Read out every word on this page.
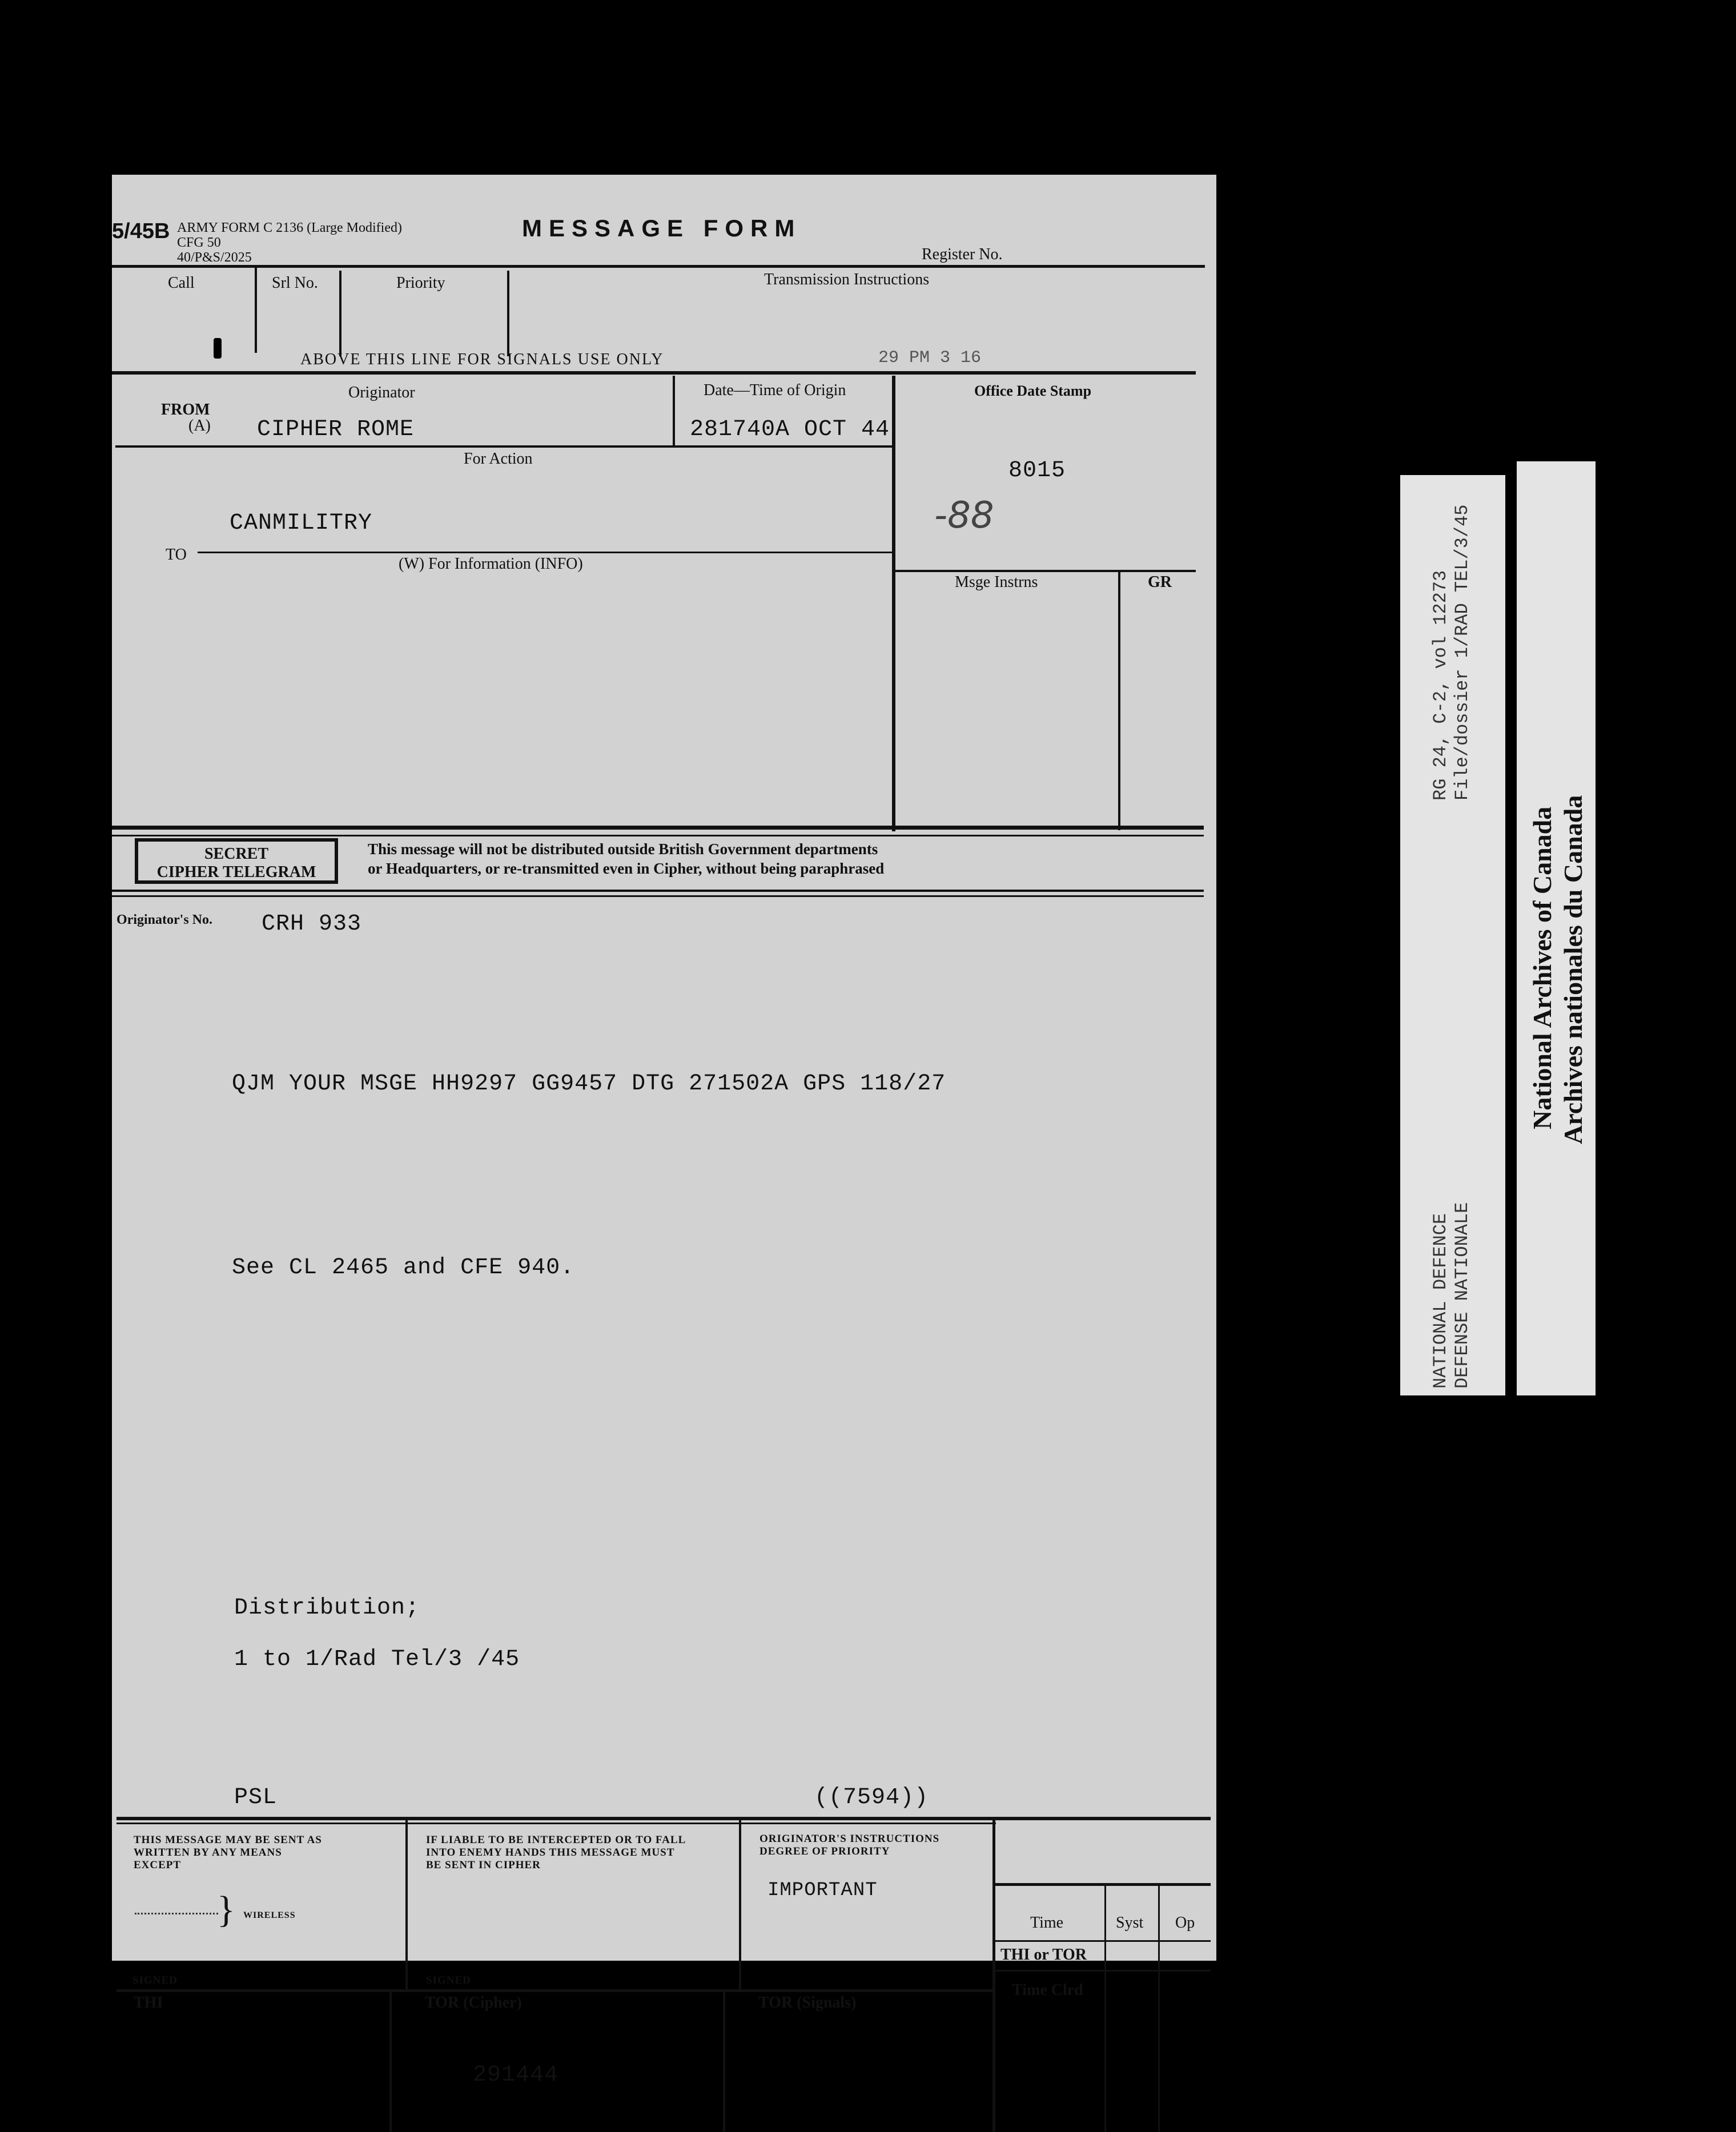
5/45B ARMY FORM C 2136 (Large Modified)
CFG 50
40/P&S/2025
MESSAGE FORM
Register No.
Call	Srl No.	Priority	Transmission Instructions
ABOVE THIS LINE FOR SIGNALS USE ONLY	29 PM 3 16
FROM
(A)
Originator
CIPHER ROME
Date—Time of Origin
281740A OCT 44
Office Date Stamp
8015
-88
For Action
CANMILITRY
TO
(W) For Information (INFO)
Msge Instrns	GR
SECRET
CIPHER TELEGRAM
This message will not be distributed outside British Government departments
or Headquarters, or re-transmitted even in Cipher, without being paraphrased
Originator's No. CRH 933
QJM YOUR MSGE HH9297 GG9457 DTG 271502A GPS 118/27
See CL 2465 and CFE 940.
Distribution;
1 to 1/Rad Tel/3 /45
PSL	((7594))
THIS MESSAGE MAY BE SENT AS
WRITTEN BY ANY MEANS
EXCEPT
} WIRELESS
SIGNED
IF LIABLE TO BE INTERCEPTED OR TO FALL
INTO ENEMY HANDS THIS MESSAGE MUST
BE SENT IN CIPHER
SIGNED
ORIGINATOR'S INSTRUCTIONS
DEGREE OF PRIORITY
IMPORTANT
Time	Syst Op
THI or TOR
Time Clrd
THI	TOR (Cipher)
291444
TOR (Signals)
RG 24, C-2, vol 12273 File/dossier 1/RAD TEL/3/45
NATIONAL DEFENCE DEFENSE NATIONALE
National Archives of Canada Archives nationales du Canada
